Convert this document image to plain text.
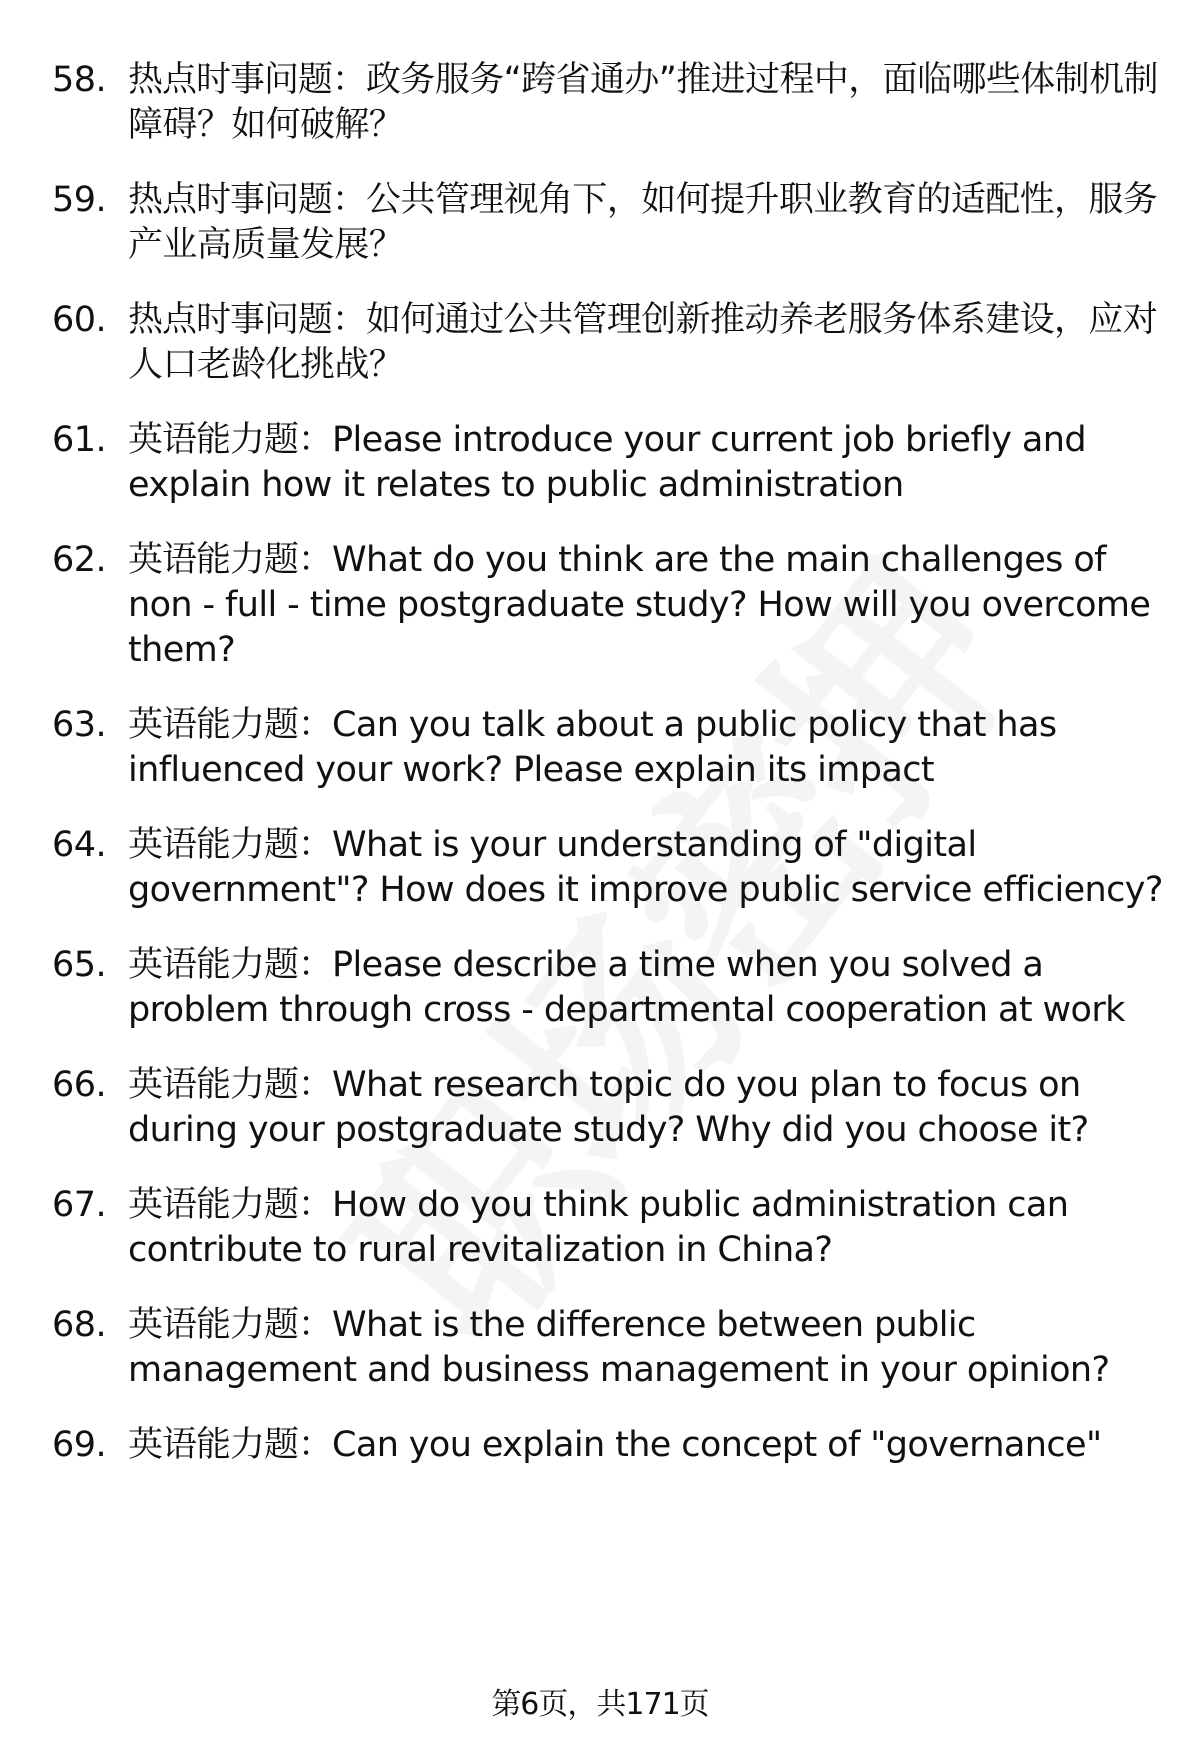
58. 热点时事问题：政务服务“跨省通办”推进过程中，面临哪些体制机制障碍？如何破解？
59. 热点时事问题：公共管理视角下，如何提升职业教育的适配性，服务产业高质量发展？
60. 热点时事问题：如何通过公共管理创新推动养老服务体系建设，应对人口老龄化挑战？
61. 英语能力题：Please introduce your current job briefly and explain how it relates to public administration
62. 英语能力题：What do you think are the main challenges of non - full - time postgraduate study? How will you overcome them?
63. 英语能力题：Can you talk about a public policy that has influenced your work? Please explain its impact
64. 英语能力题：What is your understanding of "digital government"? How does it improve public service efficiency?
65. 英语能力题：Please describe a time when you solved a problem through cross - departmental cooperation at work
66. 英语能力题：What research topic do you plan to focus on during your postgraduate study? Why did you choose it?
67. 英语能力题：How do you think public administration can contribute to rural revitalization in China?
68. 英语能力题：What is the difference between public management and business management in your opinion?
69. 英语能力题：Can you explain the concept of "governance"
第6页，共171页
